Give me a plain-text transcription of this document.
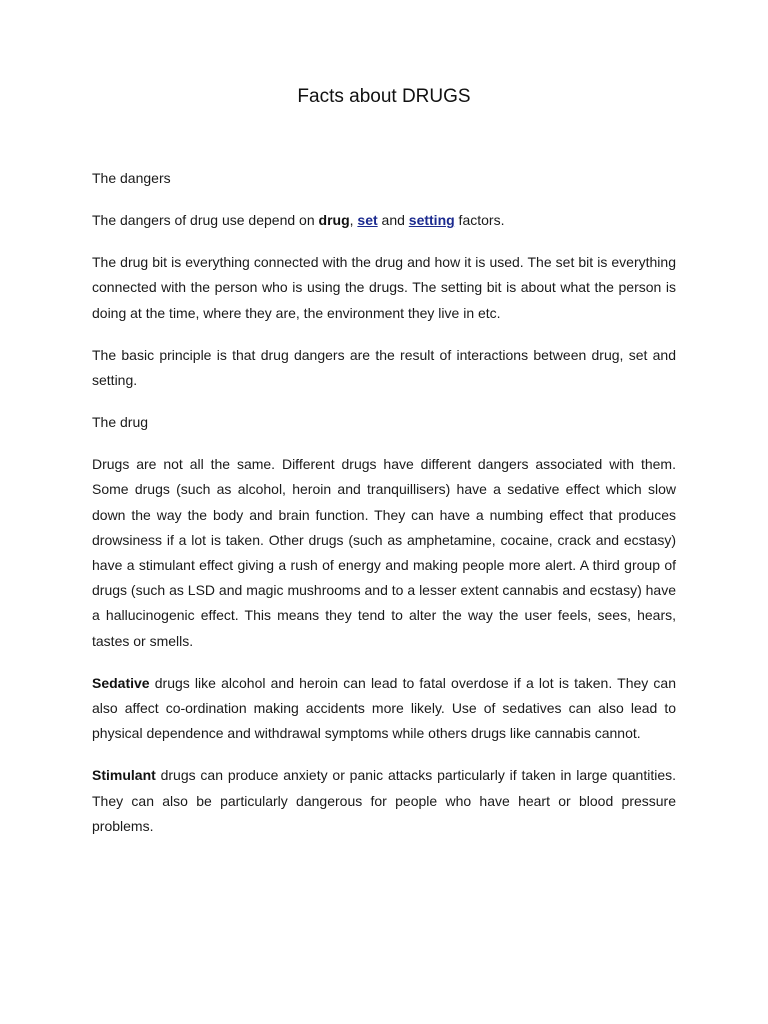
Facts about DRUGS

The dangers

The dangers of drug use depend on drug, set and setting factors.

The drug bit is everything connected with the drug and how it is used. The set bit is everything connected with the person who is using the drugs. The setting bit is about what the person is doing at the time, where they are, the environment they live in etc.

The basic principle is that drug dangers are the result of interactions between drug, set and setting.

The drug

Drugs are not all the same. Different drugs have different dangers associated with them. Some drugs (such as alcohol, heroin and tranquillisers) have a sedative effect which slow down the way the body and brain function. They can have a numbing effect that produces drowsiness if a lot is taken. Other drugs (such as amphetamine, cocaine, crack and ecstasy) have a stimulant effect giving a rush of energy and making people more alert. A third group of drugs (such as LSD and magic mushrooms and to a lesser extent cannabis and ecstasy) have a hallucinogenic effect. This means they tend to alter the way the user feels, sees, hears, tastes or smells.

Sedative drugs like alcohol and heroin can lead to fatal overdose if a lot is taken. They can also affect co-ordination making accidents more likely. Use of sedatives can also lead to physical dependence and withdrawal symptoms while others drugs like cannabis cannot.

Stimulant drugs can produce anxiety or panic attacks particularly if taken in large quantities. They can also be particularly dangerous for people who have heart or blood pressure problems.
